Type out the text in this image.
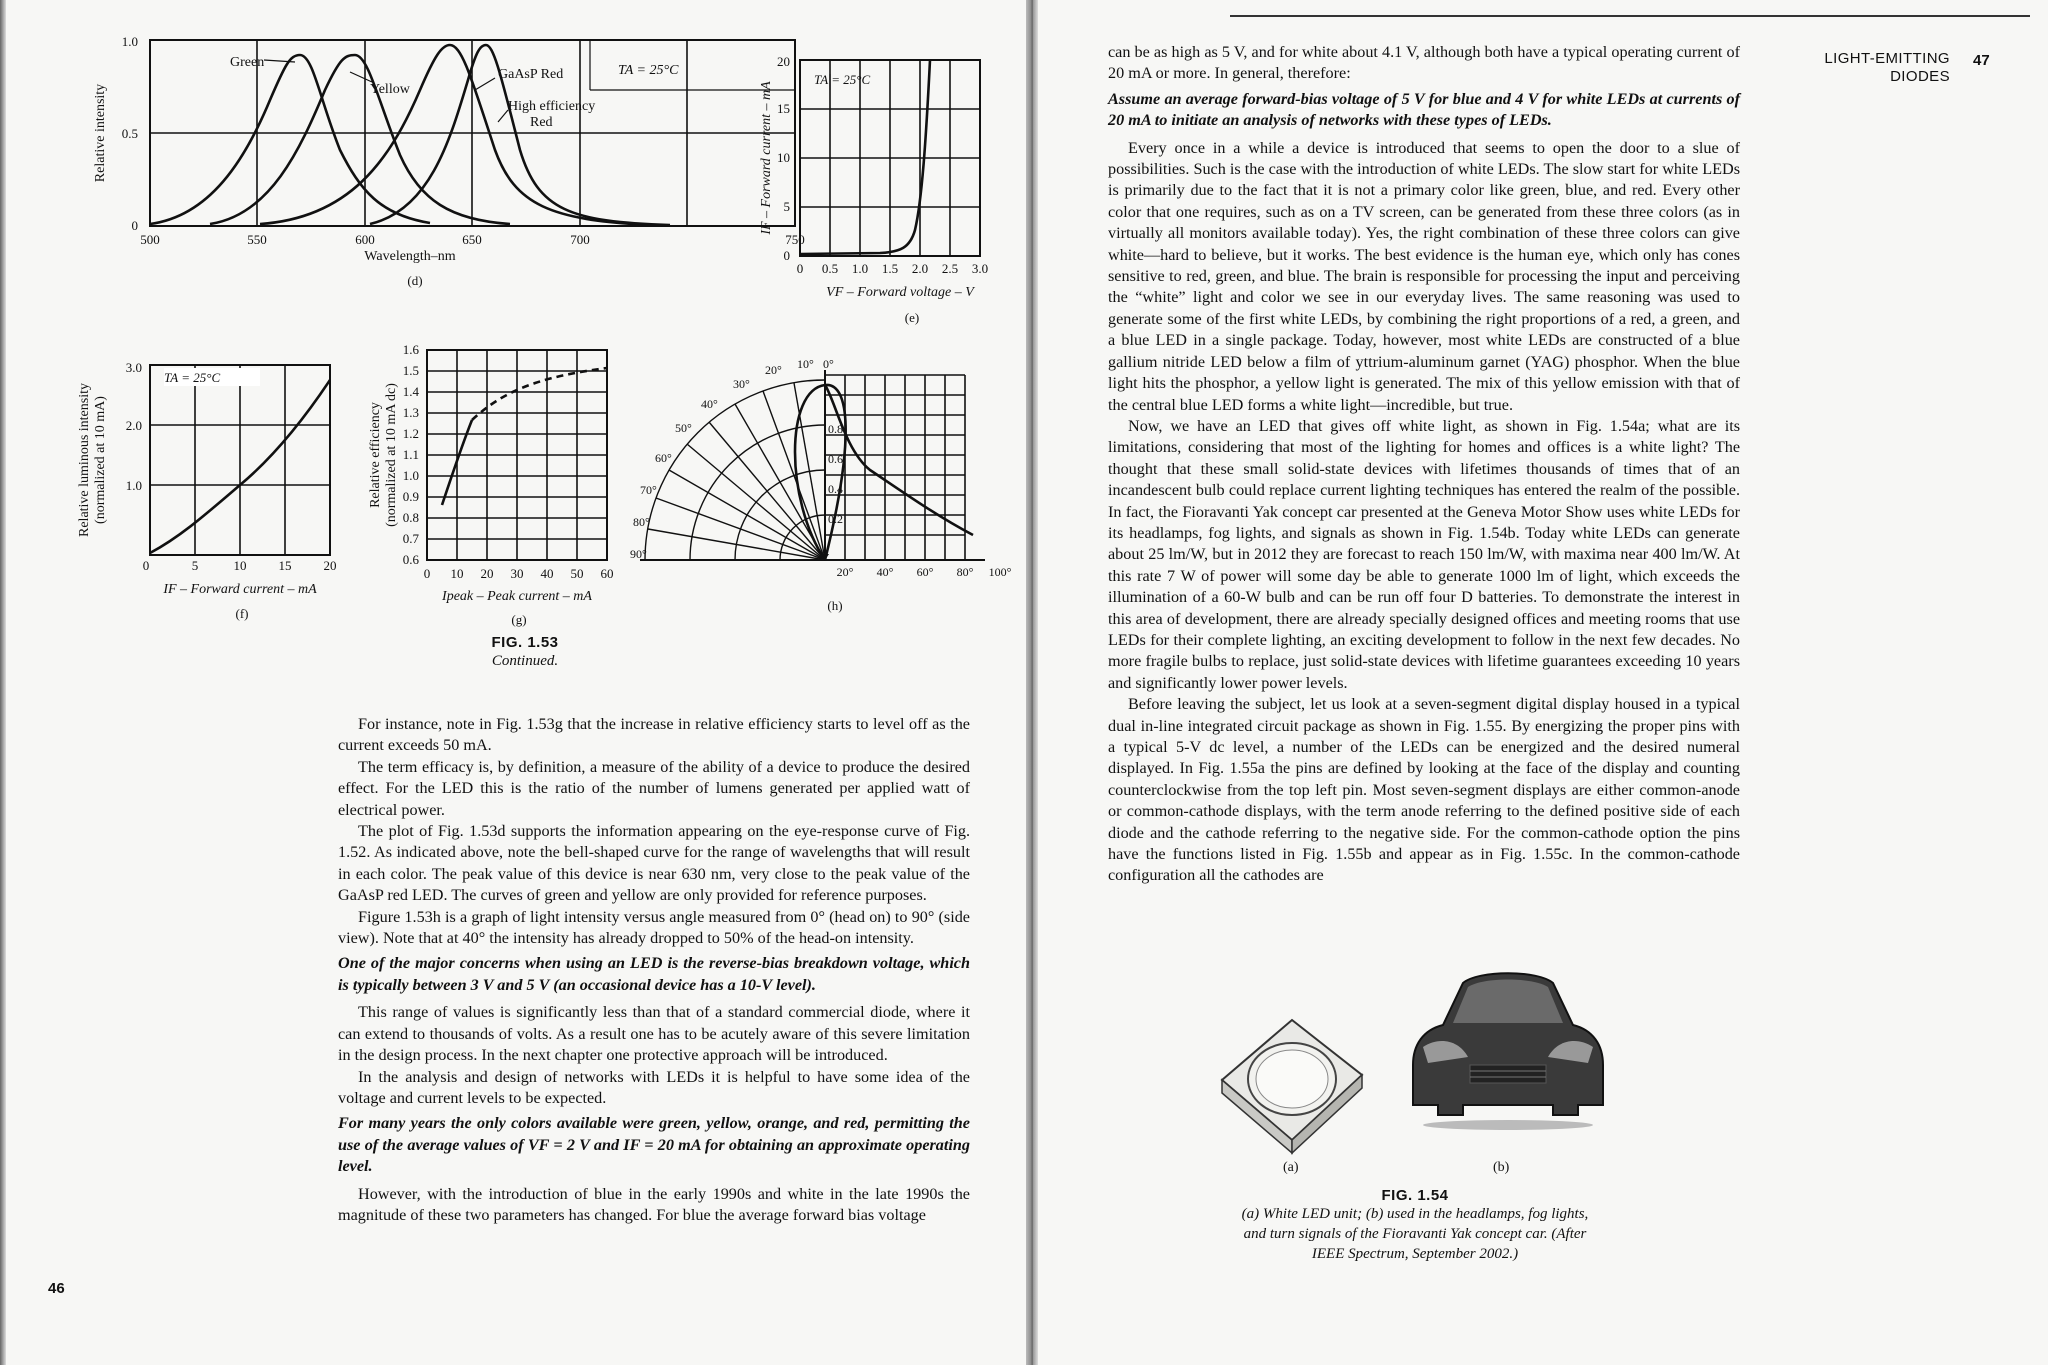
Green
Yellow
GaAsP Red
High efficiency
Red
TA = 25°C
0
0.5
1.0
500	550	600	650	700	750
Wavelength–nm
(d)
Relative intensity
TA = 25°C
0
5
10
15
20
0 0.5 1.0 1.5 2.0 2.5 3.0
VF – Forward voltage – V
(e)
IF – Forward current – mA
TA = 25°C
1.0
2.0
3.0
0	5	10 15 20
IF – Forward current – mA
(f)
Relative luminous intensity (normalized at 10 mA)
0.6
0.7
0.8
0.9
1.0
1.1
1.2
1.3
1.4
1.5
1.6
0 10 20 30 40 50 60
Ipeak – Peak current – mA
(g)
Relative efficiency (normalized at 10 mA dc)	0.8
0.6
0.4
0.2
0°
10°
20°
30°
40°
50°
60°
70°
80°
90°
20° 40° 60° 80° 100°
(h)
FIG. 1.53
Continued.

For instance, note in Fig. 1.53g that the increase in relative efficiency starts to level off as the current exceeds 50 mA.

The term efficacy is, by definition, a measure of the ability of a device to produce the desired effect. For the LED this is the ratio of the number of lumens generated per applied watt of electrical power.

The plot of Fig. 1.53d supports the information appearing on the eye-response curve of Fig. 1.52. As indicated above, note the bell-shaped curve for the range of wavelengths that will result in each color. The peak value of this device is near 630 nm, very close to the peak value of the GaAsP red LED. The curves of green and yellow are only provided for reference purposes.

Figure 1.53h is a graph of light intensity versus angle measured from 0° (head on) to 90° (side view). Note that at 40° the intensity has already dropped to 50% of the head-on intensity.

One of the major concerns when using an LED is the reverse-bias breakdown voltage, which is typically between 3 V and 5 V (an occasional device has a 10-V level).

This range of values is significantly less than that of a standard commercial diode, where it can extend to thousands of volts. As a result one has to be acutely aware of this severe limitation in the design process. In the next chapter one protective approach will be introduced.

In the analysis and design of networks with LEDs it is helpful to have some idea of the voltage and current levels to be expected.

For many years the only colors available were green, yellow, orange, and red, permitting the use of the average values of VF = 2 V and IF = 20 mA for obtaining an approximate operating level.

However, with the introduction of blue in the early 1990s and white in the late 1990s the magnitude of these two parameters has changed. For blue the average forward bias voltage

46
LIGHT-EMITTING
DIODES
47

can be as high as 5 V, and for white about 4.1 V, although both have a typical operating current of 20 mA or more. In general, therefore:

Assume an average forward-bias voltage of 5 V for blue and 4 V for white LEDs at currents of 20 mA to initiate an analysis of networks with these types of LEDs.

Every once in a while a device is introduced that seems to open the door to a slue of possibilities. Such is the case with the introduction of white LEDs. The slow start for white LEDs is primarily due to the fact that it is not a primary color like green, blue, and red. Every other color that one requires, such as on a TV screen, can be generated from these three colors (as in virtually all monitors available today). Yes, the right combination of these three colors can give white—hard to believe, but it works. The best evidence is the human eye, which only has cones sensitive to red, green, and blue. The brain is responsible for processing the input and perceiving the “white” light and color we see in our everyday lives. The same reasoning was used to generate some of the first white LEDs, by combining the right proportions of a red, a green, and a blue LED in a single package. Today, however, most white LEDs are constructed of a blue gallium nitride LED below a film of yttrium-aluminum garnet (YAG) phosphor. When the blue light hits the phosphor, a yellow light is generated. The mix of this yellow emission with that of the central blue LED forms a white light—incredible, but true.

Now, we have an LED that gives off white light, as shown in Fig. 1.54a; what are its limitations, considering that most of the lighting for homes and offices is a white light? The thought that these small solid-state devices with lifetimes thousands of times that of an incandescent bulb could replace current lighting techniques has entered the realm of the possible. In fact, the Fioravanti Yak concept car presented at the Geneva Motor Show uses white LEDs for its headlamps, fog lights, and signals as shown in Fig. 1.54b. Today white LEDs can generate about 25 lm/W, but in 2012 they are forecast to reach 150 lm/W, with maxima near 400 lm/W. At this rate 7 W of power will some day be able to generate 1000 lm of light, which exceeds the illumination of a 60-W bulb and can be run off four D batteries. To demonstrate the interest in this area of development, there are already specially designed offices and meeting rooms that use LEDs for their complete lighting, an exciting development to follow in the next few decades. No more fragile bulbs to replace, just solid-state devices with lifetime guarantees exceeding 10 years and significantly lower power levels.

Before leaving the subject, let us look at a seven-segment digital display housed in a typical dual in-line integrated circuit package as shown in Fig. 1.55. By energizing the proper pins with a typical 5-V dc level, a number of the LEDs can be energized and the desired numeral displayed. In Fig. 1.55a the pins are defined by looking at the face of the display and counting counterclockwise from the top left pin. Most seven-segment displays are either common-anode or common-cathode displays, with the term anode referring to the defined positive side of each diode and the cathode referring to the negative side. For the common-cathode option the pins have the functions listed in Fig. 1.55b and appear as in Fig. 1.55c. In the common-cathode configuration all the cathodes are

(a)	(b)
FIG. 1.54
(a) White LED unit; (b) used in the headlamps, fog lights,
and turn signals of the Fioravanti Yak concept car. (After
IEEE Spectrum, September 2002.)
